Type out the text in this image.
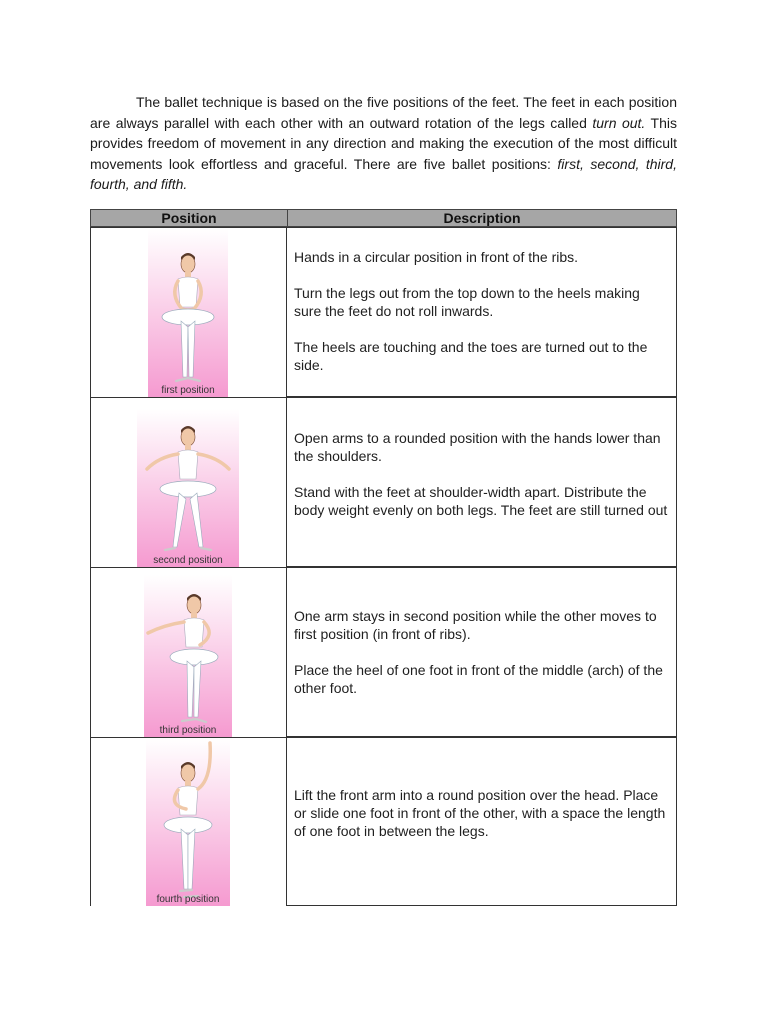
The ballet technique is based on the five positions of the feet. The feet in each position are always parallel with each other with an outward rotation of the legs called turn out. This provides freedom of movement in any direction and making the execution of the most difficult movements look effortless and graceful. There are five ballet positions: first, second, third, fourth, and fifth.

Position	Description

Hands in a circular position in front of the ribs.

Turn the legs out from the top down to the heels making sure the feet do not roll inwards.

The heels are touching and the toes are turned out to the side.

first position

Open arms to a rounded position with the hands lower than the shoulders.

Stand with the feet at shoulder-width apart. Distribute the body weight evenly on both legs. The feet are still turned out

second position

One arm stays in second position while the other moves to first position (in front of ribs).

Place the heel of one foot in front of the middle (arch) of the other foot.

third position

Lift the front arm into a round position over the head. Place or slide one foot in front of the other, with a space the length of one foot in between the legs.

fourth position
